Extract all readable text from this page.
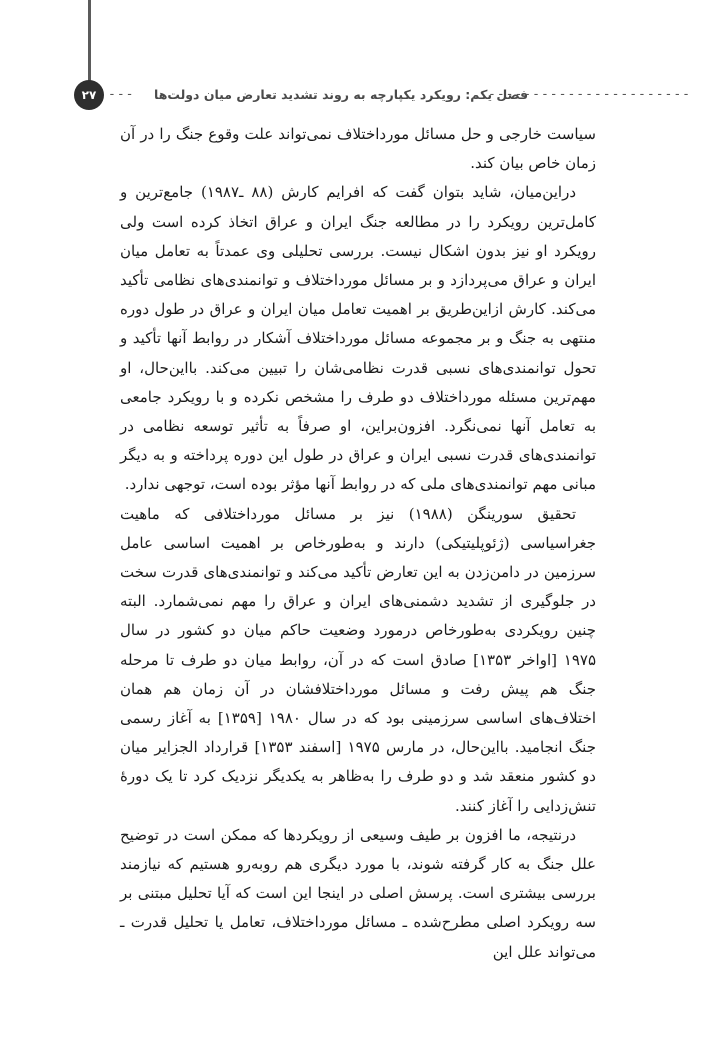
۲۷ --- فصل یکم: رویکرد یکپارچه به روند تشدید تعارض میان دولت‌ها
-----------------------

سیاست خارجی و حل مسائل مورداختلاف نمی‌تواند علت وقوع جنگ را در آن زمان خاص بیان کند.

دراین‌میان، شاید بتوان گفت که افرایم کارش (۸۸ ـ۱۹۸۷) جامع‌ترین و کامل‌ترین رویکرد را در مطالعه جنگ ایران و عراق اتخاذ کرده است ولی رویکرد او نیز بدون اشکال نیست. بررسی تحلیلی وی عمدتاً به تعامل میان ایران و عراق می‌پردازد و بر مسائل مورداختلاف و توانمندی‌های نظامی تأکید می‌کند. کارش ازاین‌طریق بر اهمیت تعامل میان ایران و عراق در طول دوره منتهی به جنگ و بر مجموعه مسائل مورداختلاف آشکار در روابط آنها تأکید و تحول توانمندی‌های نسبی قدرت نظامی‌شان را تبیین می‌کند. بااین‌حال، او مهم‌ترین مسئله مورداختلاف دو طرف را مشخص نکرده و با رویکرد جامعی به تعامل آنها نمی‌نگرد. افزون‌براین، او صرفاً به تأثیر توسعه نظامی در توانمندی‌های قدرت نسبی ایران و عراق در طول این دوره پرداخته و به دیگر مبانی مهم توانمندی‌های ملی که در روابط آنها مؤثر بوده است، توجهی ندارد.

تحقیق سورینگن (۱۹۸۸) نیز بر مسائل مورداختلافی که ماهیت جغراسیاسی (ژئوپلیتیکی) دارند و به‌طورخاص بر اهمیت اساسی عامل سرزمین در دامن‌زدن به این تعارض تأکید می‌کند و توانمندی‌های قدرت سخت در جلوگیری از تشدید دشمنی‌های ایران و عراق را مهم نمی‌شمارد. البته چنین رویکردی به‌طورخاص درمورد وضعیت حاکم میان دو کشور در سال ۱۹۷۵ [اواخر ۱۳۵۳] صادق است که در آن، روابط میان دو طرف تا مرحله جنگ هم پیش رفت و مسائل مورداختلافشان در آن زمان هم همان اختلاف‌های اساسی سرزمینی بود که در سال ۱۹۸۰ [۱۳۵۹] به آغاز رسمی جنگ انجامید. بااین‌حال، در مارس ۱۹۷۵ [اسفند ۱۳۵۳] قرارداد الجزایر میان دو کشور منعقد شد و دو طرف را به‌ظاهر به یکدیگر نزدیک کرد تا یک دورهٔ تنش‌زدایی را آغاز کنند.

درنتیجه، ما افزون بر طیف وسیعی از رویکردها که ممکن است در توضیح علل جنگ به کار گرفته شوند، با مورد دیگری هم روبه‌رو هستیم که نیازمند بررسی بیشتری است. پرسش اصلی در اینجا این است که آیا تحلیل مبتنی بر سه رویکرد اصلی مطرح‌شده ـ مسائل مورداختلاف، تعامل یا تحلیل قدرت ـ می‌تواند علل این
